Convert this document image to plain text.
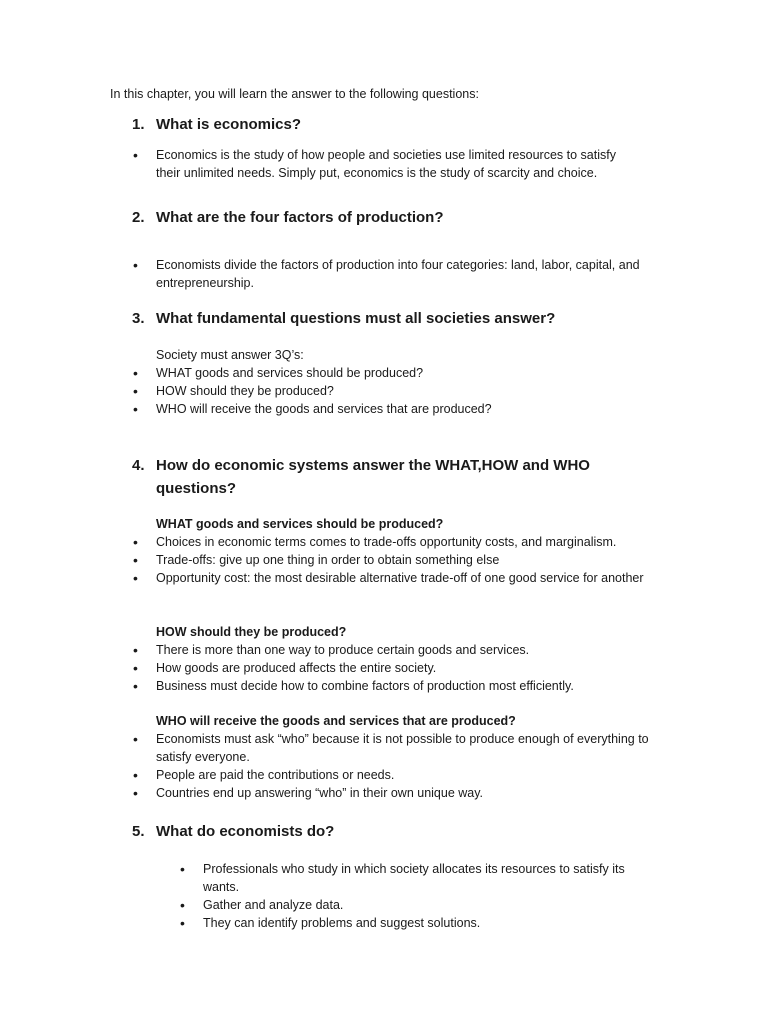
In this chapter, you will learn the answer to the following questions:
1. What is economics?
• Economics is the study of how people and societies use limited resources to satisfy their unlimited needs. Simply put, economics is the study of scarcity and choice.
2. What are the four factors of production?
• Economists divide the factors of production into four categories: land, labor, capital, and entrepreneurship.
3. What fundamental questions must all societies answer?
Society must answer 3Q’s:
• WHAT goods and services should be produced?
• HOW should they be produced?
• WHO will receive the goods and services that are produced?
4. How do economic systems answer the WHAT,HOW and WHO questions?
WHAT goods and services should be produced?
• Choices in economic terms comes to trade-offs opportunity costs, and marginalism.
• Trade-offs: give up one thing in order to obtain something else
• Opportunity cost: the most desirable alternative trade-off of one good service for another
HOW should they be produced?
• There is more than one way to produce certain goods and services.
• How goods are produced affects the entire society.
• Business must decide how to combine factors of production most efficiently.
WHO will receive the goods and services that are produced?
• Economists must ask “who” because it is not possible to produce enough of everything to satisfy everyone.
• People are paid the contributions or needs.
• Countries end up answering “who” in their own unique way.
5. What do economists do?
• Professionals who study in which society allocates its resources to satisfy its wants.
• Gather and analyze data.
• They can identify problems and suggest solutions.
